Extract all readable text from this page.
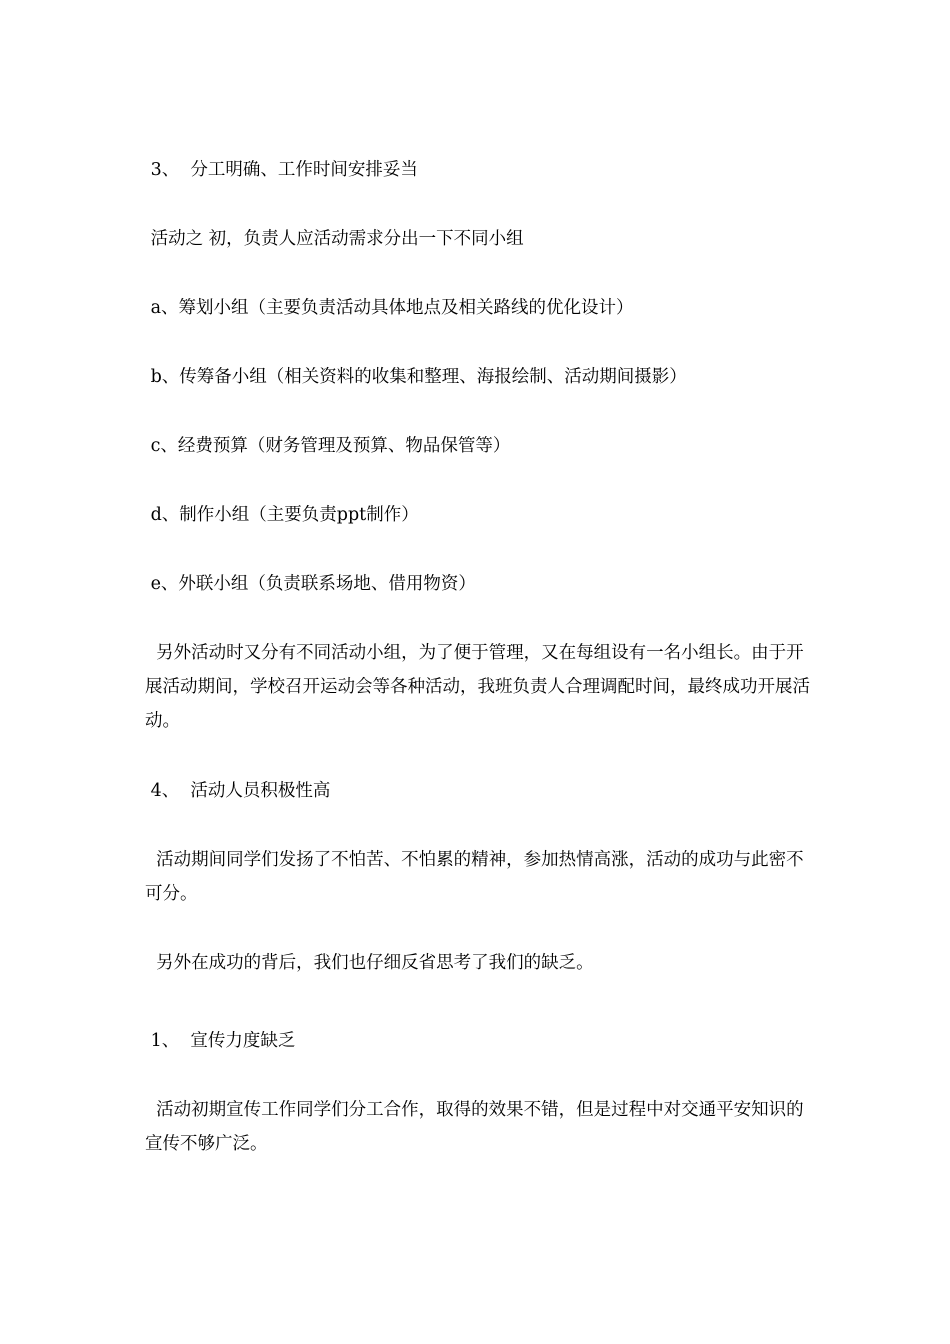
3、  分工明确、工作时间安排妥当

活动之 初，负责人应活动需求分出一下不同小组

a、筹划小组（主要负责活动具体地点及相关路线的优化设计）

b、传筹备小组（相关资料的收集和整理、海报绘制、活动期间摄影）

c、经费预算（财务管理及预算、物品保管等）

d、制作小组（主要负责ppt制作）

e、外联小组（负责联系场地、借用物资）

另外活动时又分有不同活动小组，为了便于管理，又在每组设有一名小组长。由于开展活动期间，学校召开运动会等各种活动，我班负责人合理调配时间，最终成功开展活动。

4、  活动人员积极性高

活动期间同学们发扬了不怕苦、不怕累的精神，参加热情高涨，活动的成功与此密不可分。

另外在成功的背后，我们也仔细反省思考了我们的缺乏。

1、  宣传力度缺乏

活动初期宣传工作同学们分工合作，取得的效果不错，但是过程中对交通平安知识的宣传不够广泛。
